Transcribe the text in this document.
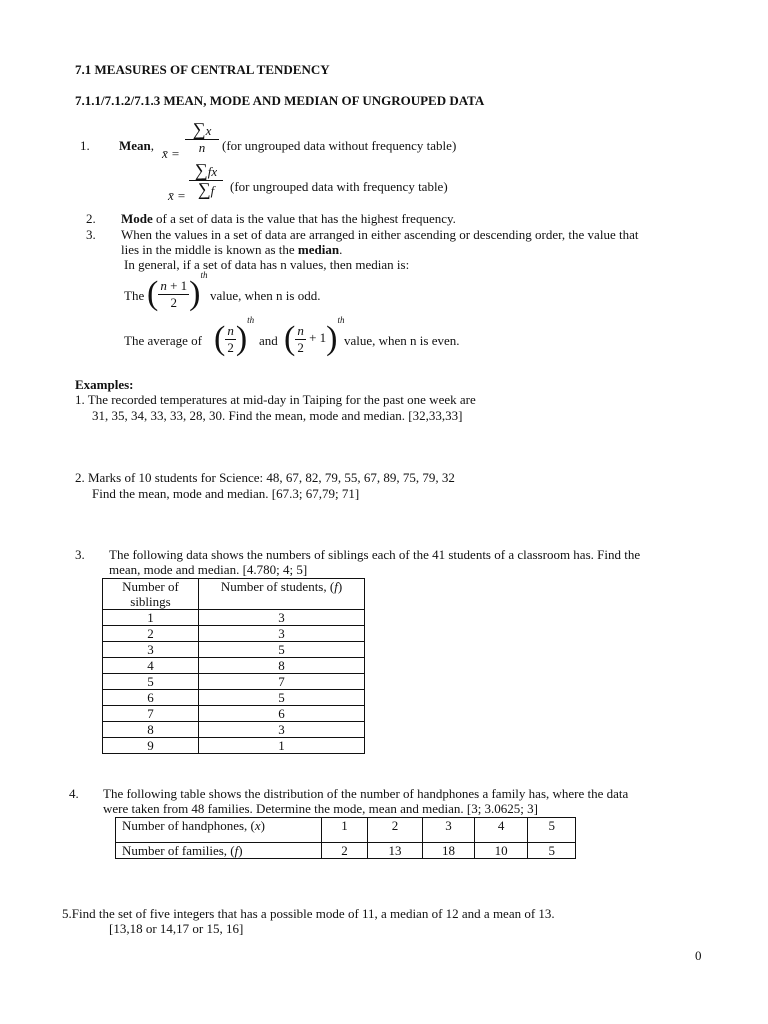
7.1 MEASURES OF CENTRAL TENDENCY
7.1.1/7.1.2/7.1.3 MEAN, MODE AND MEDIAN OF UNGROUPED DATA
1. Mean,
x̄ = $\frac{\sum x}{n} (for$ ungrouped data without frequency table)
x̄ = $\frac{\sum fx}{\sum f} (for$ ungrouped data with frequency table)
2. Mode of a set of data is the value that has the highest frequency.
3. When the values in a set of data are arranged in either ascending or descending order, the value that
lies in the middle is known as the median.
In general, if a set of data has n values, then median is:
The ( $\frac{n + 1}{2} )^{th}$
value, when n is odd.
The average of ( $\frac{n}{2} )^{th}$
and ( $\frac{n}{2} + 1)^{th}$
value, when n is even.
Examples:
1. The recorded temperatures at mid-day in Taiping for the past one week are
31, 35, 34, 33, 33, 28, 30. Find the mean, mode and median. [32,33,33]
2. Marks of 10 students for Science: 48, 67, 82, 79, 55, 67, 89, 75, 79, 32
Find the mean, mode and median. [67.3; 67,79; 71]
3. The following data shows the numbers of siblings each of the 41 students of a classroom has. Find the
mean, mode and median. [4.780; 4; 5]
Number of siblings	Number of students, (f)
1	3
2	3
3	5
4	8
5	7
6	5
7	6
8	3
9	1
4. The following table shows the distribution of the number of handphones a family has, where the data
were taken from 48 families. Determine the mode, mean and median. [3; 3.0625; 3]
Number of handphones, (x)	1	2	3	4	5
Number of families, (f)	2	13	18	10	5
5.Find the set of five integers that has a possible mode of 11, a median of 12 and a mean of 13.
[13,18 or 14,17 or 15, 16]
0
